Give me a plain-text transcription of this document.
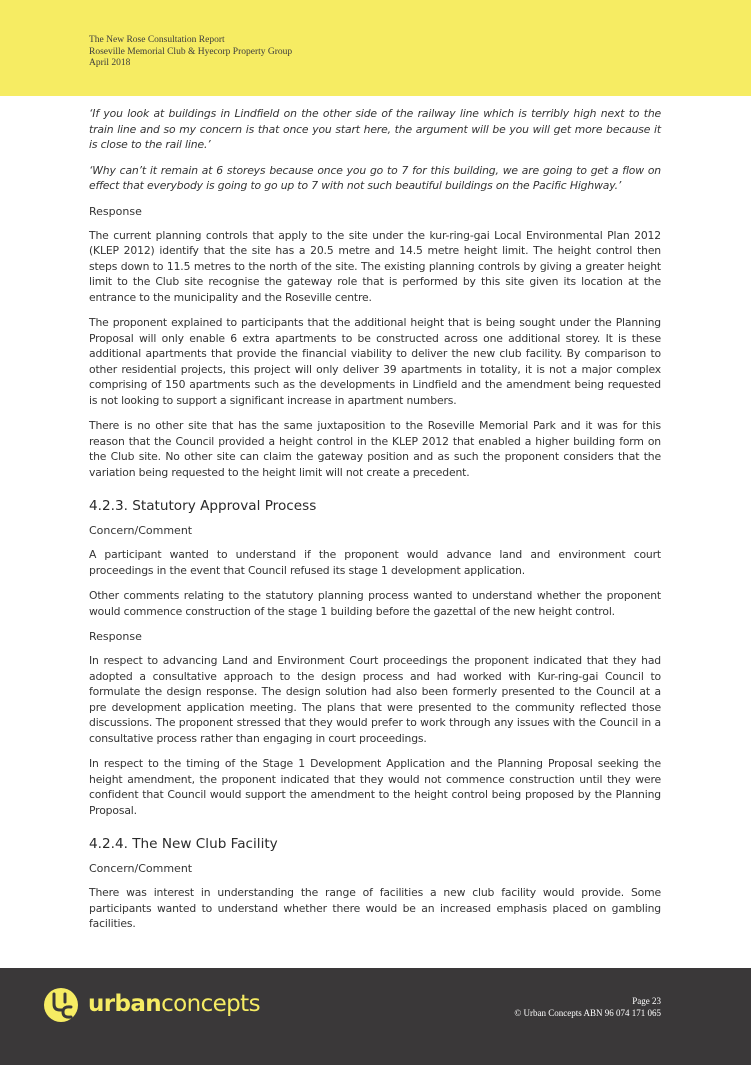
The New Rose Consultation Report
Roseville Memorial Club & Hyecorp Property Group
April 2018

‘If you look at buildings in Lindfield on the other side of the railway line which is terribly high next to the train line and so my concern is that once you start here, the argument will be you will get more because it is close to the rail line.’

‘Why can’t it remain at 6 storeys because once you go to 7 for this building, we are going to get a flow on effect that everybody is going to go up to 7 with not such beautiful buildings on the Pacific Highway.’

Response

The current planning controls that apply to the site under the kur-ring-gai Local Environmental Plan 2012 (KLEP 2012) identify that the site has a 20.5 metre and 14.5 metre height limit. The height control then steps down to 11.5 metres to the north of the site. The existing planning controls by giving a greater height limit to the Club site recognise the gateway role that is performed by this site given its location at the entrance to the municipality and the Roseville centre.

The proponent explained to participants that the additional height that is being sought under the Planning Proposal will only enable 6 extra apartments to be constructed across one additional storey. It is these additional apartments that provide the financial viability to deliver the new club facility. By comparison to other residential projects, this project will only deliver 39 apartments in totality, it is not a major complex comprising of 150 apartments such as the developments in Lindfield and the amendment being requested is not looking to support a significant increase in apartment numbers.

There is no other site that has the same juxtaposition to the Roseville Memorial Park and it was for this reason that the Council provided a height control in the KLEP 2012 that enabled a higher building form on the Club site. No other site can claim the gateway position and as such the proponent considers that the variation being requested to the height limit will not create a precedent.

4.2.3. Statutory Approval Process
Concern/Comment

A participant wanted to understand if the proponent would advance land and environment court proceedings in the event that Council refused its stage 1 development application.

Other comments relating to the statutory planning process wanted to understand whether the proponent would commence construction of the stage 1 building before the gazettal of the new height control.

Response

In respect to advancing Land and Environment Court proceedings the proponent indicated that they had adopted a consultative approach to the design process and had worked with Kur-ring-gai Council to formulate the design response. The design solution had also been formerly presented to the Council at a pre development application meeting. The plans that were presented to the community reflected those discussions. The proponent stressed that they would prefer to work through any issues with the Council in a consultative process rather than engaging in court proceedings.

In respect to the timing of the Stage 1 Development Application and the Planning Proposal seeking the height amendment, the proponent indicated that they would not commence construction until they were confident that Council would support the amendment to the height control being proposed by the Planning Proposal.

4.2.4. The New Club Facility
Concern/Comment

There was interest in understanding the range of facilities a new club facility would provide. Some participants wanted to understand whether there would be an increased emphasis placed on gambling facilities.

urbanconcepts	Page 23
© Urban Concepts ABN 96 074 171 065
